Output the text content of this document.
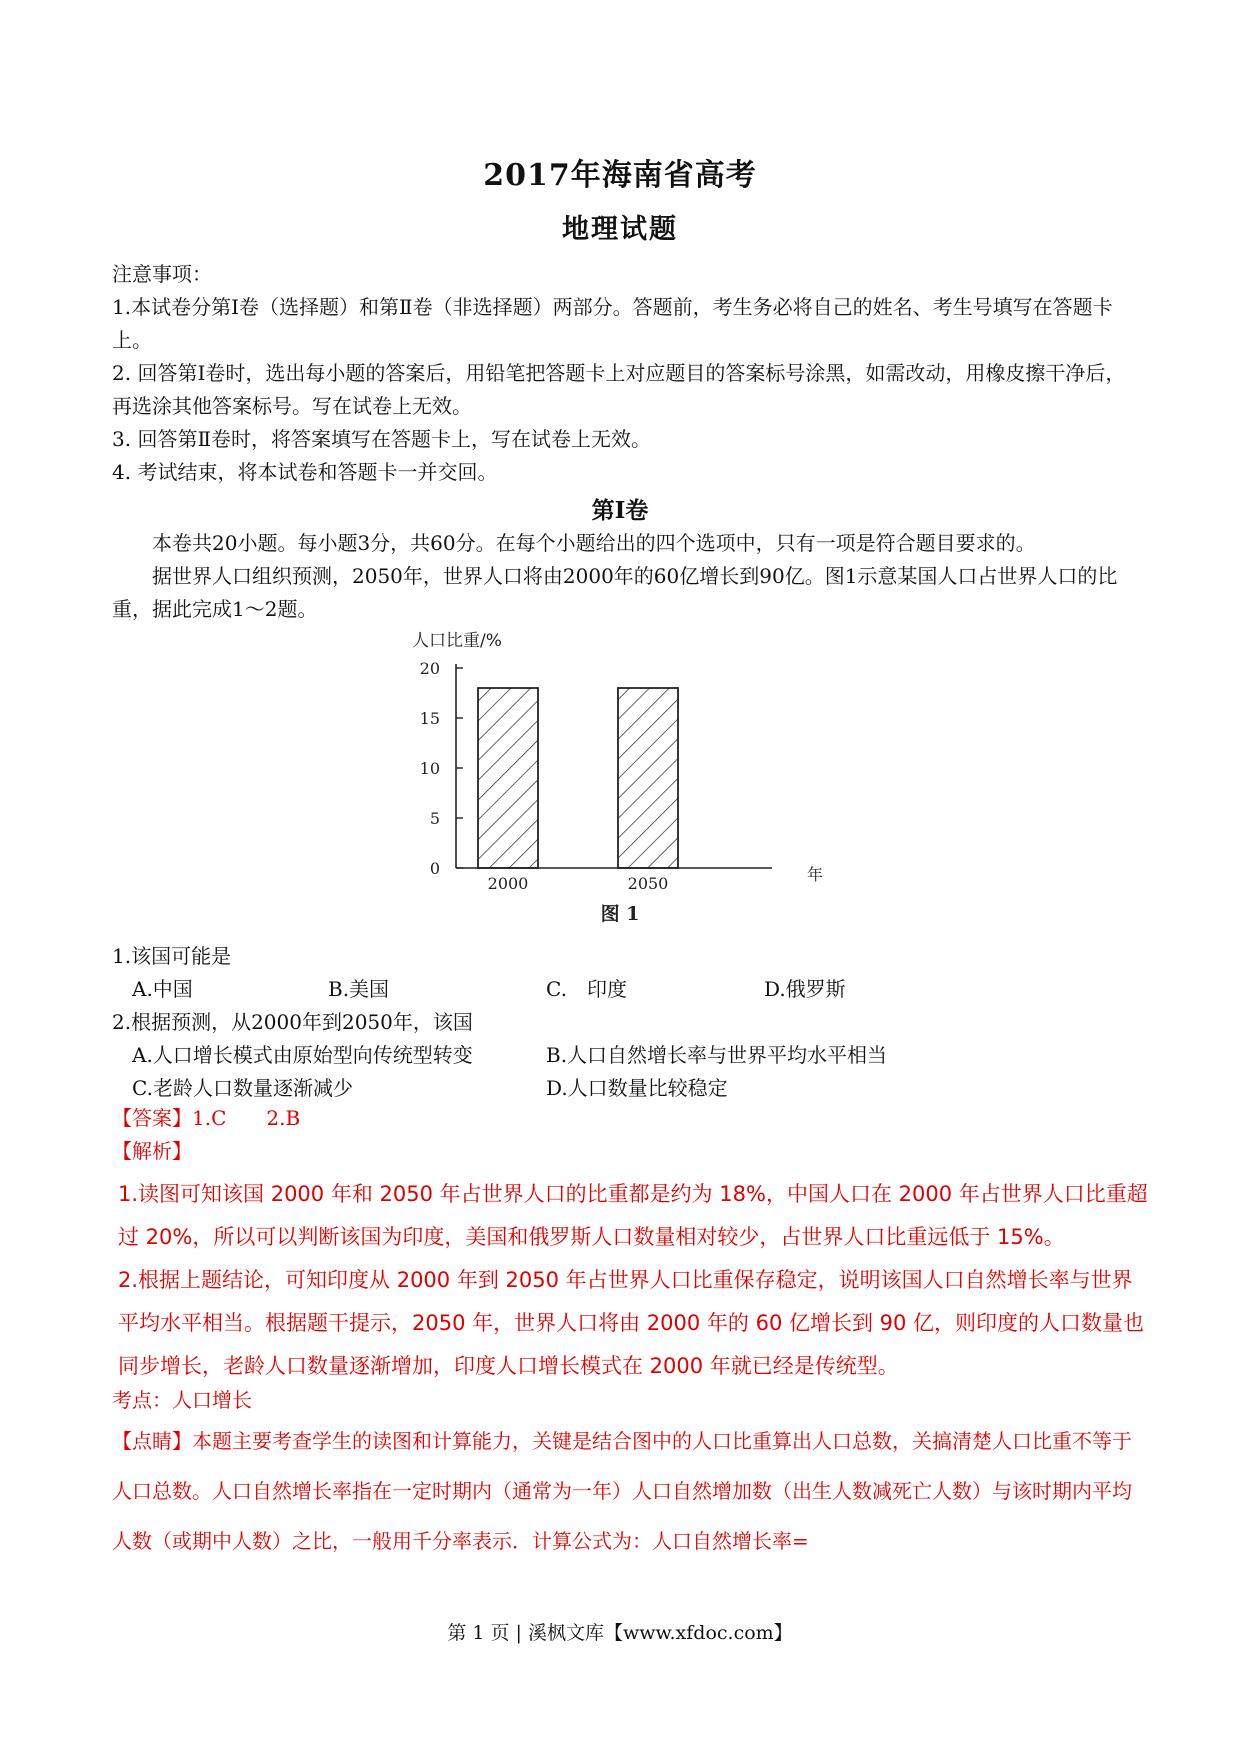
2017年海南省高考
地理试题

注意事项：

1.本试卷分第Ⅰ卷（选择题）和第Ⅱ卷（非选择题）两部分。答题前，考生务必将自己的姓名、考生号填写在答题卡上。

2. 回答第Ⅰ卷时，选出每小题的答案后，用铅笔把答题卡上对应题目的答案标号涂黑，如需改动，用橡皮擦干净后，再选涂其他答案标号。写在试卷上无效。

3. 回答第Ⅱ卷时，将答案填写在答题卡上，写在试卷上无效。

4. 考试结束，将本试卷和答题卡一并交回。

第Ⅰ卷

本卷共20小题。每小题3分，共60分。在每个小题给出的四个选项中，只有一项是符合题目要求的。

据世界人口组织预测，2050年，世界人口将由2000年的60亿增长到90亿。图1示意某国人口占世界人口的比重，据此完成1～2题。

人口比重/%
2000	2050
0
5
10
15
20
年
图 1

1.该国可能是

A.中国	B.美国	C.　印度	D.俄罗斯

2.根据预测，从2000年到2050年，该国

A.人口增长模式由原始型向传统型转变	B.人口自然增长率与世界平均水平相当
C.老龄人口数量逐渐减少	D.人口数量比较稳定

【答案】1.C　　2.B

【解析】

1.读图可知该国 2000 年和 2050 年占世界人口的比重都是约为 18%，中国人口在 2000 年占世界人口比重超过 20%，所以可以判断该国为印度，美国和俄罗斯人口数量相对较少，占世界人口比重远低于 15%。

2.根据上题结论，可知印度从 2000 年到 2050 年占世界人口比重保存稳定，说明该国人口自然增长率与世界平均水平相当。根据题干提示，2050 年，世界人口将由 2000 年的 60 亿增长到 90 亿，则印度的人口数量也同步增长，老龄人口数量逐渐增加，印度人口增长模式在 2000 年就已经是传统型。

考点：人口增长

【点睛】本题主要考查学生的读图和计算能力，关键是结合图中的人口比重算出人口总数，关搞清楚人口比重不等于人口总数。人口自然增长率指在一定时期内（通常为一年）人口自然增加数（出生人数减死亡人数）与该时期内平均人数（或期中人数）之比，一般用千分率表示．计算公式为：人口自然增长率=

第 1 页 | 溪枫文库【www.xfdoc.com】
